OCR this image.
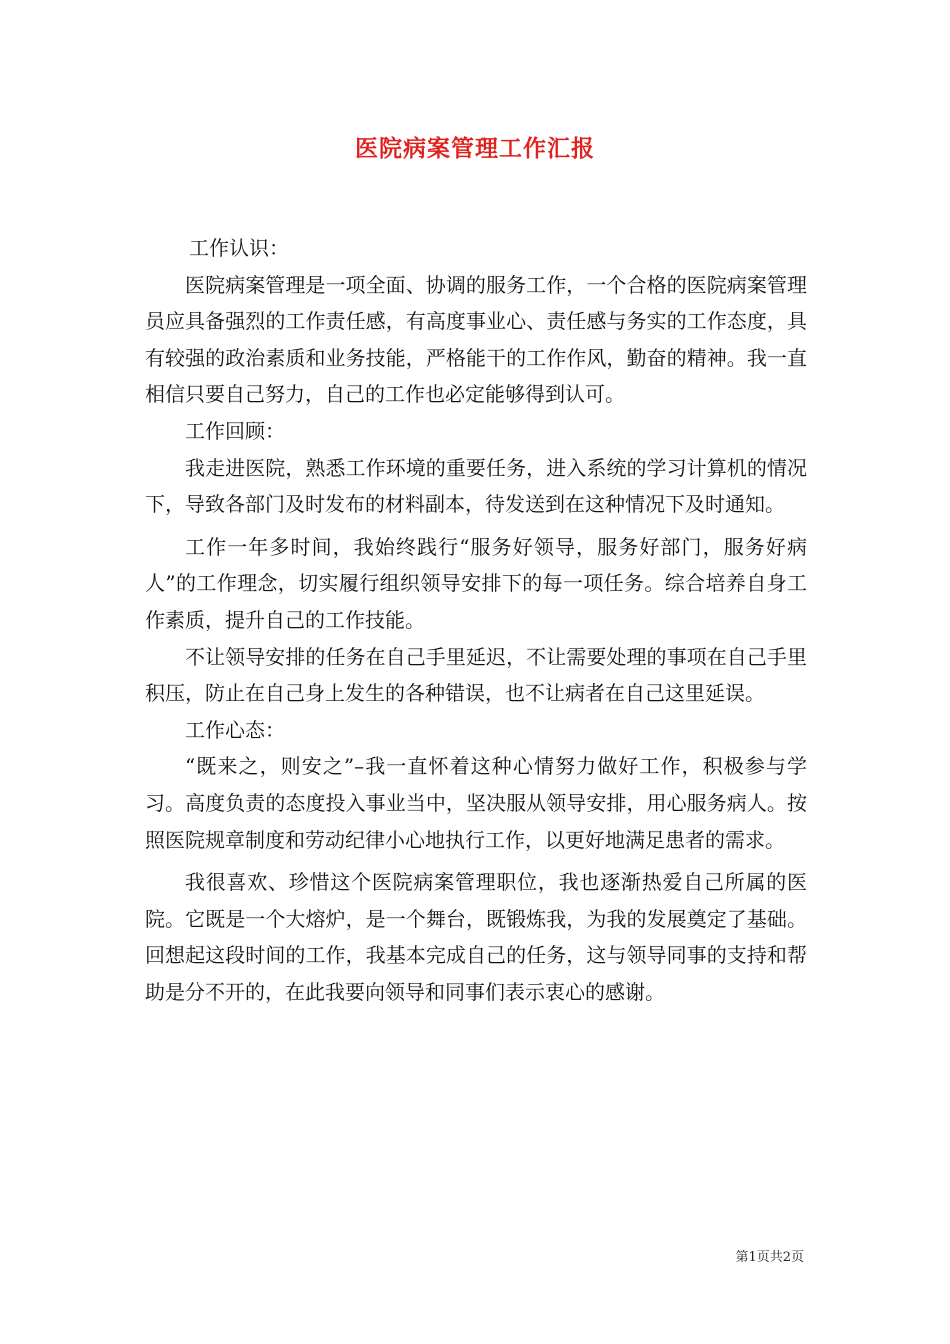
医院病案管理工作汇报

工作认识：

医院病案管理是一项全面、协调的服务工作，一个合格的医院病案管理员应具备强烈的工作责任感，有高度事业心、责任感与务实的工作态度，具有较强的政治素质和业务技能，严格能干的工作作风，勤奋的精神。我一直相信只要自己努力，自己的工作也必定能够得到认可。

工作回顾：

我走进医院，熟悉工作环境的重要任务，进入系统的学习计算机的情况下，导致各部门及时发布的材料副本，待发送到在这种情况下及时通知。

工作一年多时间，我始终践行“服务好领导，服务好部门，服务好病人”的工作理念，切实履行组织领导安排下的每一项任务。综合培养自身工作素质，提升自己的工作技能。

不让领导安排的任务在自己手里延迟，不让需要处理的事项在自己手里积压，防止在自己身上发生的各种错误，也不让病者在自己这里延误。

工作心态：

“既来之，则安之”–我一直怀着这种心情努力做好工作，积极参与学习。高度负责的态度投入事业当中，坚决服从领导安排，用心服务病人。按照医院规章制度和劳动纪律小心地执行工作，以更好地满足患者的需求。

我很喜欢、珍惜这个医院病案管理职位，我也逐渐热爱自己所属的医院。它既是一个大熔炉，是一个舞台，既锻炼我，为我的发展奠定了基础。回想起这段时间的工作，我基本完成自己的任务，这与领导同事的支持和帮助是分不开的，在此我要向领导和同事们表示衷心的感谢。

第1页共2页
